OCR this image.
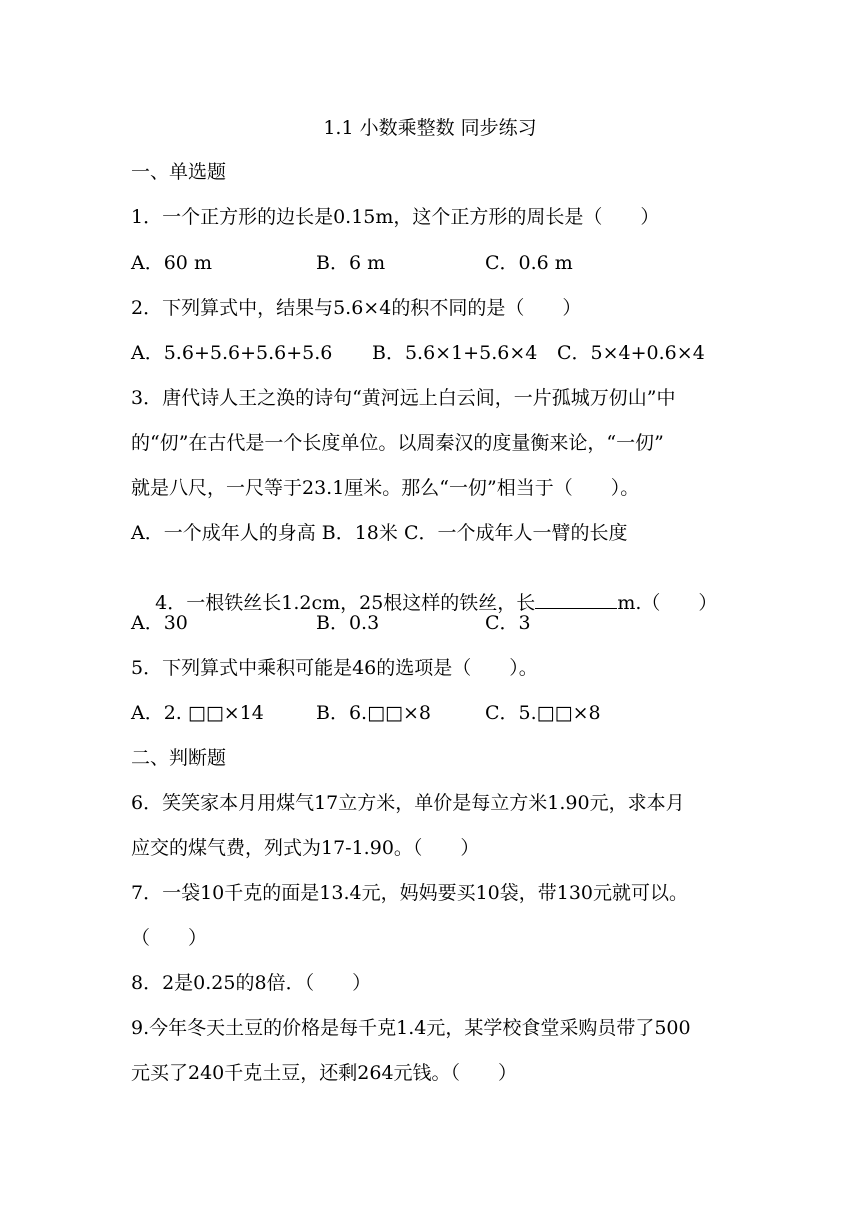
1.1 小数乘整数 同步练习
一、单选题
1．一个正方形的边长是0.15m，这个正方形的周长是（　　）
A．60 m	B．6 m	C．0.6 m
2．下列算式中，结果与5.6×4的积不同的是（　　）
A．5.6+5.6+5.6+5.6 B．5.6×1+5.6×4 C．5×4+0.6×4
3．唐代诗人王之涣的诗句“黄河远上白云间，一片孤城万仞山”中
的“仞”在古代是一个长度单位。以周秦汉的度量衡来论，“一仞”
就是八尺，一尺等于23.1厘米。那么“一仞”相当于（　　）。
A．一个成年人的身高 B．18米 C．一个成年人一臂的长度

4．一根铁丝长1.2cm，25根这样的铁丝，长	m.（　　）

A．30	B．0.3	C．3
5．下列算式中乘积可能是46的选项是（　　）。
A．2. □□×14	B．6.□□×8	C．5.□□×8
二、判断题
6．笑笑家本月用煤气17立方米，单价是每立方米1.90元，求本月
应交的煤气费，列式为17-1.90。（　　）
7．一袋10千克的面是13.4元，妈妈要买10袋，带130元就可以。
（　　）
8．2是0.25的8倍．（　　）
9.今年冬天土豆的价格是每千克1.4元，某学校食堂采购员带了500
元买了240千克土豆，还剩264元钱。（　　）
